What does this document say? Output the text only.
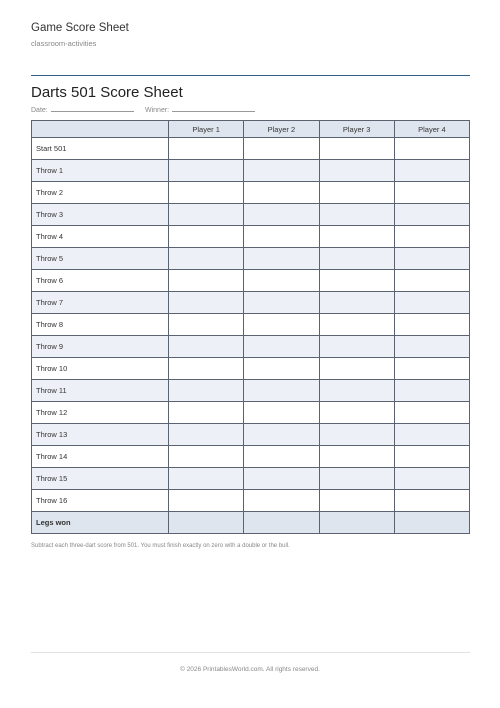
Game Score Sheet
classroom-activities
Darts 501 Score Sheet
Date:	Winner:
	Player 1	Player 2	Player 3	Player 4
Start 501				
Throw 1				
Throw 2				
Throw 3				
Throw 4				
Throw 5				
Throw 6				
Throw 7				
Throw 8				
Throw 9				
Throw 10				
Throw 11				
Throw 12				
Throw 13				
Throw 14				
Throw 15				
Throw 16				
Legs won				
Subtract each three-dart score from 501. You must finish exactly on zero with a double or the bull.
© 2026 PrintablesWorld.com. All rights reserved.
